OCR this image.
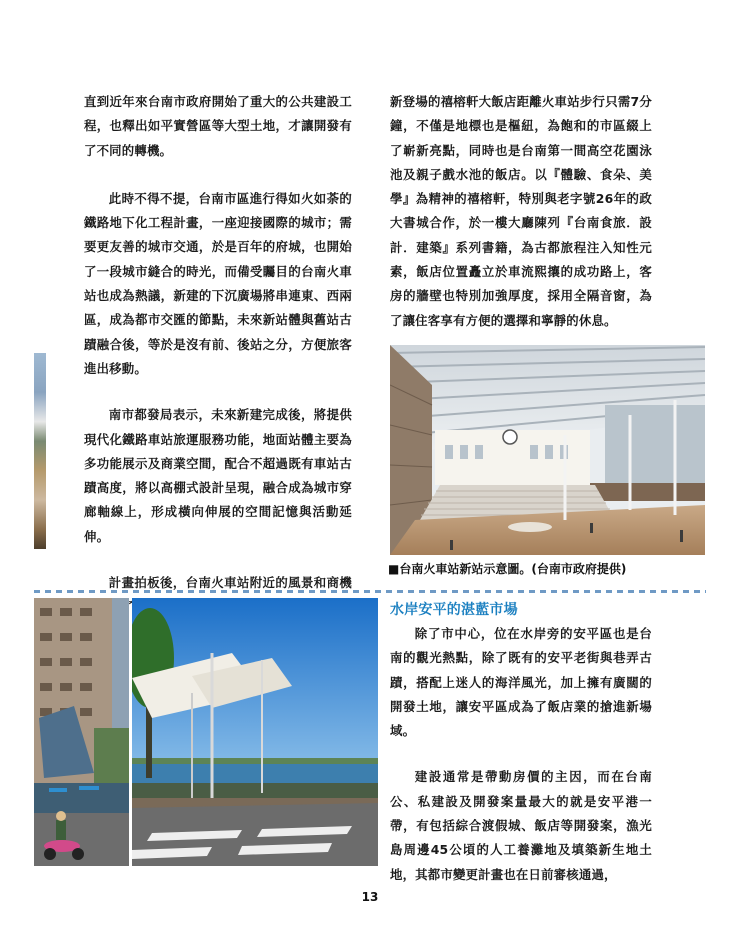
直到近年來台南市政府開始了重大的公共建設工程，也釋出如平實營區等大型土地，才讓開發有了不同的轉機。

此時不得不提，台南市區進行得如火如荼的鐵路地下化工程計畫，一座迎接國際的城市；需要更友善的城市交通，於是百年的府城，也開始了一段城市縫合的時光，而備受矚目的台南火車站也成為熱議，新建的下沉廣場將串連東、西兩區，成為都市交匯的節點，未來新站體與舊站古蹟融合後，等於是沒有前、後站之分，方便旅客進出移動。

南市都發局表示，未來新建完成後，將提供現代化鐵路車站旅運服務功能，地面站體主要為多功能展示及商業空間，配合不超過既有車站古蹟高度，將以高棚式設計呈現，融合成為城市穿廊軸線上，形成橫向伸展的空間記憶與活動延伸。

計畫拍板後，台南火車站附近的風景和商機

新登場的禧榕軒大飯店距離火車站步行只需7分鐘，不僅是地標也是樞紐，為飽和的市區綴上了嶄新亮點，同時也是台南第一間高空花園泳池及親子戲水池的飯店。以『體驗、食朵、美學』為精神的禧榕軒，特別與老字號26年的政大書城合作，於一樓大廳陳列『台南食旅．設計．建築』系列書籍，為古都旅程注入知性元素，飯店位置矗立於車流熙攘的成功路上，客房的牆壁也特別加強厚度，採用全隔音窗，為了讓住客享有方便的選擇和寧靜的休息。

■台南火車站新站示意圖。(台南市政府提供)

水岸安平的湛藍市場

除了市中心，位在水岸旁的安平區也是台南的觀光熱點，除了既有的安平老街與巷弄古蹟，搭配上迷人的海洋風光，加上擁有廣闊的開發土地，讓安平區成為了飯店業的搶進新場域。

建設通常是帶動房價的主因，而在台南公、私建設及開發案量最大的就是安平港一帶，有包括綜合渡假城、飯店等開發案，漁光島周邊45公頃的人工養灘地及填築新生地土地，其都市變更計畫也在日前審核通過，

13
